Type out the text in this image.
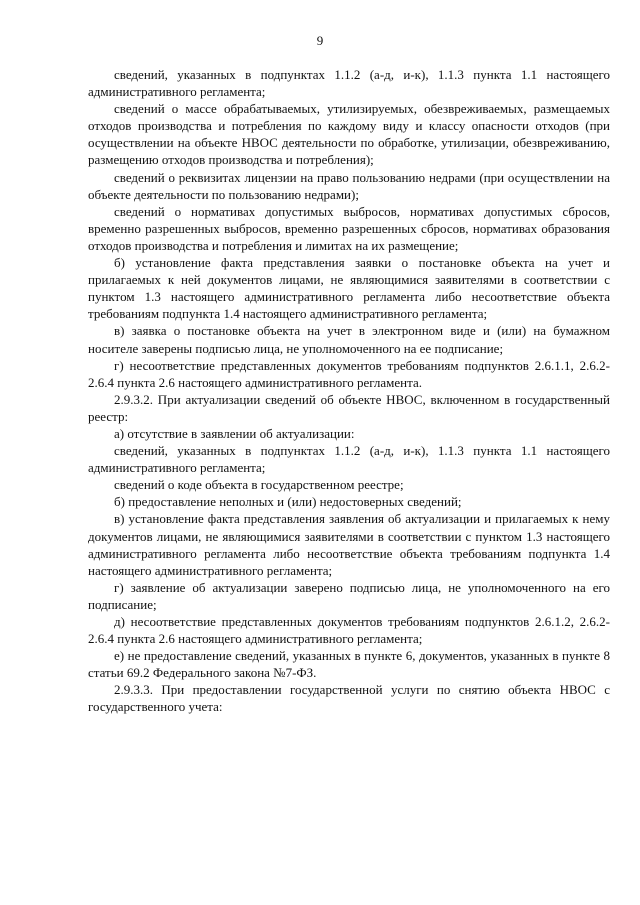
9

сведений, указанных в подпунктах 1.1.2 (а-д, и-к), 1.1.3 пункта 1.1 настоящего административного регламента;

сведений о массе обрабатываемых, утилизируемых, обезвреживаемых, размещаемых отходов производства и потребления по каждому виду и классу опасности отходов (при осуществлении на объекте НВОС деятельности по обработке, утилизации, обезвреживанию, размещению отходов производства и потребления);

сведений о реквизитах лицензии на право пользованию недрами (при осуществлении на объекте деятельности по пользованию недрами);

сведений о нормативах допустимых выбросов, нормативах допустимых сбросов, временно разрешенных выбросов, временно разрешенных сбросов, нормативах образования отходов производства и потребления и лимитах на их размещение;

б) установление факта представления заявки о постановке объекта на учет и прилагаемых к ней документов лицами, не являющимися заявителями в соответствии с пунктом 1.3 настоящего административного регламента либо несоответствие объекта требованиям подпункта 1.4 настоящего административного регламента;

в) заявка о постановке объекта на учет в электронном виде и (или) на бумажном носителе заверены подписью лица, не уполномоченного на ее подписание;

г) несоответствие представленных документов требованиям подпунктов 2.6.1.1, 2.6.2-2.6.4 пункта 2.6 настоящего административного регламента.

2.9.3.2. При актуализации сведений об объекте НВОС, включенном в государственный реестр:

а) отсутствие в заявлении об актуализации:

сведений, указанных в подпунктах 1.1.2 (а-д, и-к), 1.1.3 пункта 1.1 настоящего административного регламента;

сведений о коде объекта в государственном реестре;

б) предоставление неполных и (или) недостоверных сведений;

в) установление факта представления заявления об актуализации и прилагаемых к нему документов лицами, не являющимися заявителями в соответствии с пунктом 1.3 настоящего административного регламента либо несоответствие объекта требованиям подпункта 1.4 настоящего административного регламента;

г) заявление об актуализации заверено подписью лица, не уполномоченного на его подписание;

д) несоответствие представленных документов требованиям подпунктов 2.6.1.2, 2.6.2-2.6.4 пункта 2.6 настоящего административного регламента;

е) не предоставление сведений, указанных в пункте 6, документов, указанных в пункте 8 статьи 69.2 Федерального закона №7-ФЗ.

2.9.3.3. При предоставлении государственной услуги по снятию объекта НВОС с государственного учета:
